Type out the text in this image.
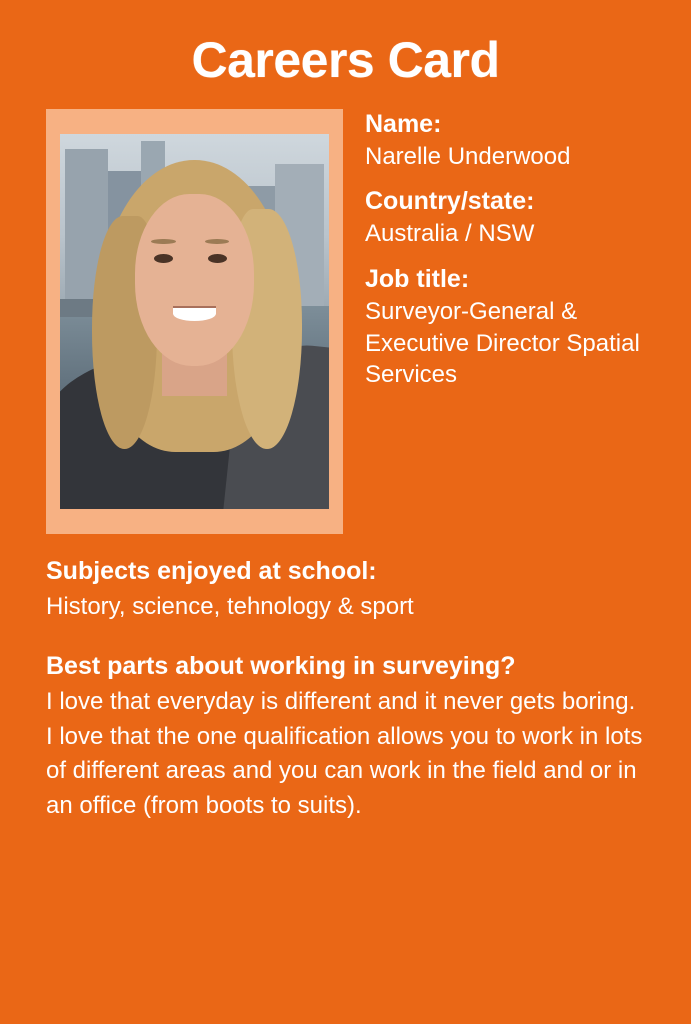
Careers Card
Name:
Narelle Underwood
Country/state:
Australia / NSW
Job title:
Surveyor-General & Executive Director Spatial Services
Subjects enjoyed at school:
History, science, tehnology & sport
Best parts about working in surveying?
I love that everyday is different and it never gets boring. I love that the one qualification allows you to work in lots of different areas and you can work in the field and or in an office (from boots to suits).
